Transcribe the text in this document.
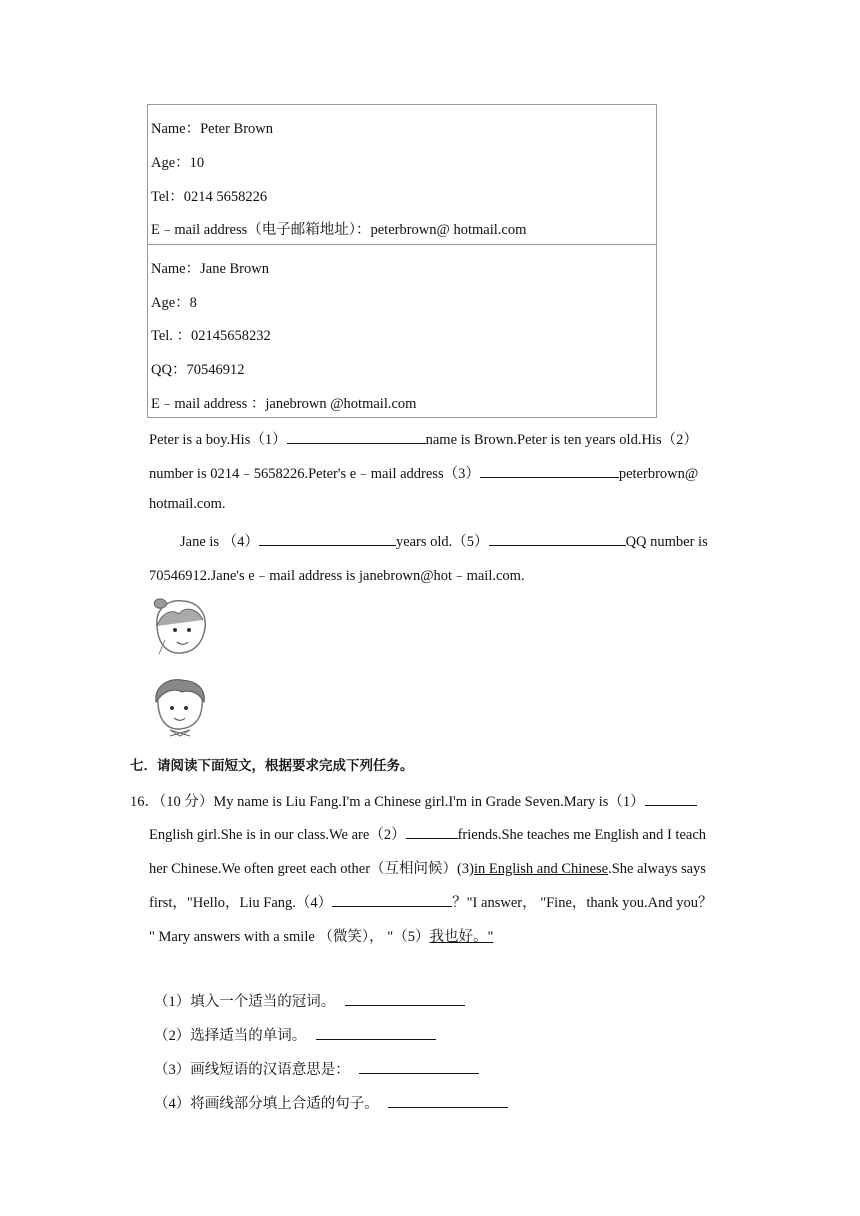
Name：Peter Brown
Age：10
Tel：0214 5658226
E﹣mail address（电子邮箱地址）：peterbrown@ hotmail.com
Name：Jane Brown
Age：8
Tel. ：02145658232
QQ：70546912
E﹣mail address ：janebrown @hotmail.com
Peter is a boy.His（1）	name is Brown.Peter is ten years old.His（2）
number is 0214﹣5658226.Peter's e﹣mail address（3）	peterbrown@
hotmail.com.
Jane is （4）	years old.（5）	QQ number is
70546912.Jane's e﹣mail address is janebrown@hot﹣mail.com.
七．请阅读下面短文，根据要求完成下列任务。
16．（10 分）My name is Liu Fang.I'm a Chinese girl.I'm in Grade Seven.Mary is（1）
English girl.She is in our class.We are（2）	friends.She teaches me English and I teach
her Chinese.We often greet each other（互相问候）(3)in English and Chinese.She always says
first，"Hello，Liu Fang.（4）	？"I answer， "Fine，thank you.And you？
" Mary answers with a smile （微笑）， "（5）我也好。"
（1）填入一个适当的冠词。
（2）选择适当的单词。
（3）画线短语的汉语意思是：
（4）将画线部分填上合适的句子。
